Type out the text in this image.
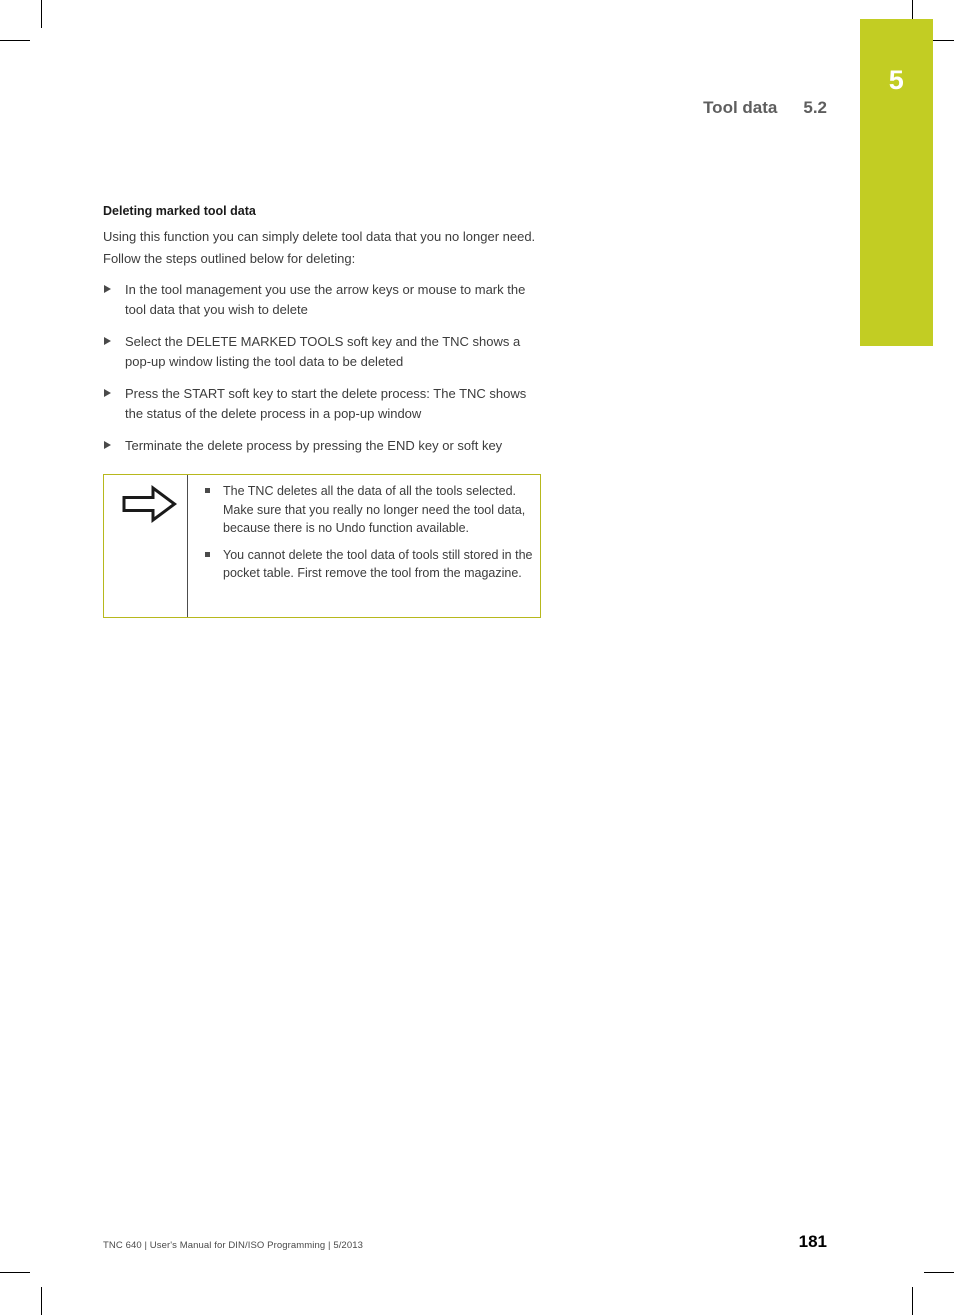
5
Tool data 5.2
Deleting marked tool data

Using this function you can simply delete tool data that you no longer need.

Follow the steps outlined below for deleting:

In the tool management you use the arrow keys or mouse to mark the tool data that you wish to delete
Select the DELETE MARKED TOOLS soft key and the TNC shows a pop-up window listing the tool data to be deleted
Press the START soft key to start the delete process: The TNC shows the status of the delete process in a pop-up window
Terminate the delete process by pressing the END key or soft key
The TNC deletes all the data of all the tools selected. Make sure that you really no longer need the tool data, because there is no Undo function available.
You cannot delete the tool data of tools still stored in the pocket table. First remove the tool from the magazine.
TNC 640 | User's Manual for DIN/ISO Programming | 5/2013	181
